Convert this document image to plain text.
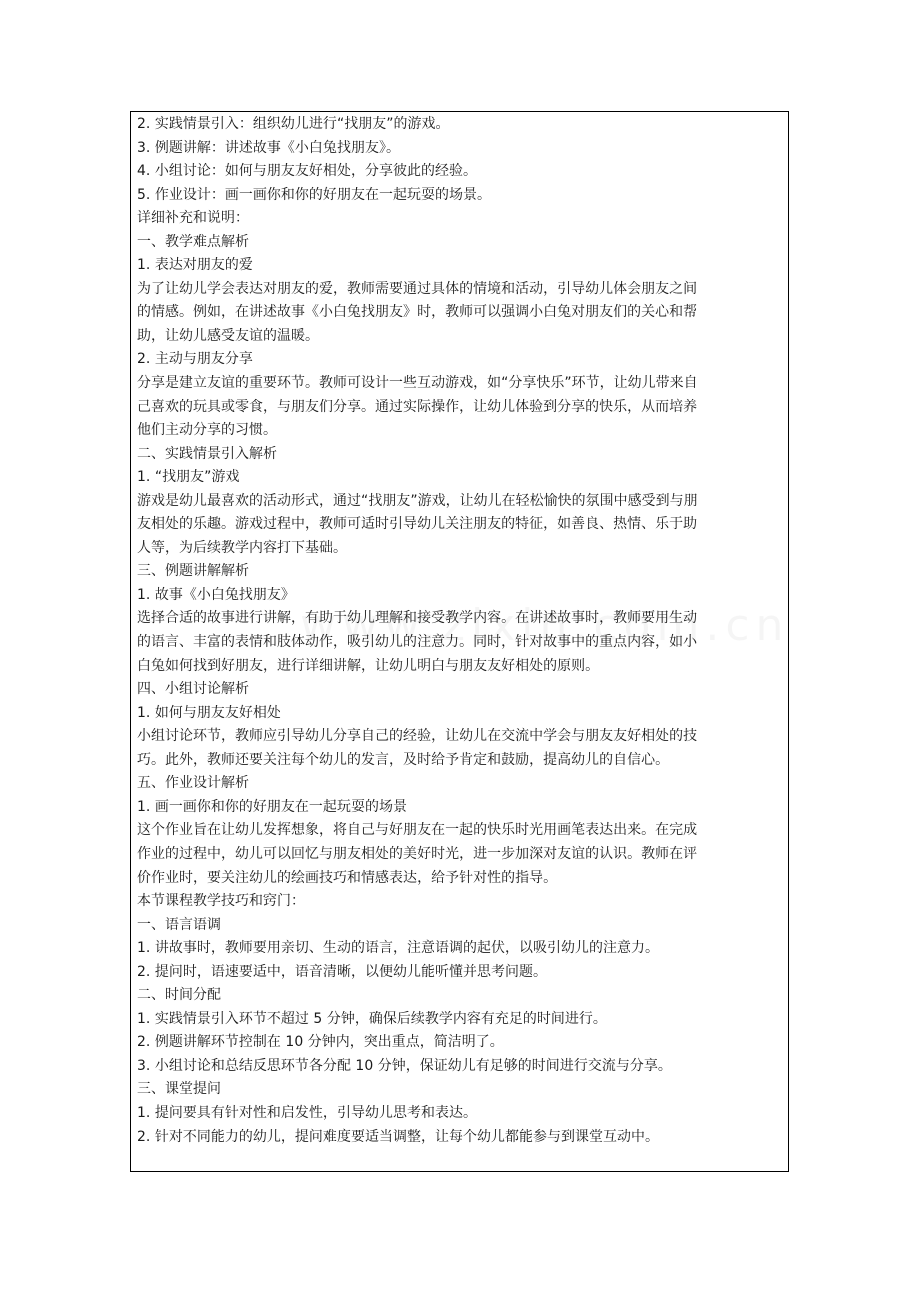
2. 实践情景引入：组织幼儿进行“找朋友”的游戏。
3. 例题讲解：讲述故事《小白兔找朋友》。
4. 小组讨论：如何与朋友友好相处，分享彼此的经验。
5. 作业设计：画一画你和你的好朋友在一起玩耍的场景。
详细补充和说明：
一、教学难点解析
1. 表达对朋友的爱
为了让幼儿学会表达对朋友的爱，教师需要通过具体的情境和活动，引导幼儿体会朋友之间
的情感。例如，在讲述故事《小白兔找朋友》时，教师可以强调小白兔对朋友们的关心和帮
助，让幼儿感受友谊的温暖。
2. 主动与朋友分享
分享是建立友谊的重要环节。教师可设计一些互动游戏，如“分享快乐”环节，让幼儿带来自
己喜欢的玩具或零食，与朋友们分享。通过实际操作，让幼儿体验到分享的快乐，从而培养
他们主动分享的习惯。
二、实践情景引入解析
1. “找朋友”游戏
游戏是幼儿最喜欢的活动形式，通过“找朋友”游戏，让幼儿在轻松愉快的氛围中感受到与朋
友相处的乐趣。游戏过程中，教师可适时引导幼儿关注朋友的特征，如善良、热情、乐于助
人等，为后续教学内容打下基础。
三、例题讲解解析
1. 故事《小白兔找朋友》
选择合适的故事进行讲解，有助于幼儿理解和接受教学内容。在讲述故事时，教师要用生动
的语言、丰富的表情和肢体动作，吸引幼儿的注意力。同时，针对故事中的重点内容，如小
白兔如何找到好朋友，进行详细讲解，让幼儿明白与朋友友好相处的原则。
四、小组讨论解析
1. 如何与朋友友好相处
小组讨论环节，教师应引导幼儿分享自己的经验，让幼儿在交流中学会与朋友友好相处的技
巧。此外，教师还要关注每个幼儿的发言，及时给予肯定和鼓励，提高幼儿的自信心。
五、作业设计解析
1. 画一画你和你的好朋友在一起玩耍的场景
这个作业旨在让幼儿发挥想象，将自己与好朋友在一起的快乐时光用画笔表达出来。在完成
作业的过程中，幼儿可以回忆与朋友相处的美好时光，进一步加深对友谊的认识。教师在评
价作业时，要关注幼儿的绘画技巧和情感表达，给予针对性的指导。
本节课程教学技巧和窍门：
一、语言语调
1. 讲故事时，教师要用亲切、生动的语言，注意语调的起伏，以吸引幼儿的注意力。
2. 提问时，语速要适中，语音清晰，以便幼儿能听懂并思考问题。
二、时间分配
1. 实践情景引入环节不超过 5 分钟，确保后续教学内容有充足的时间进行。
2. 例题讲解环节控制在 10 分钟内，突出重点，简洁明了。
3. 小组讨论和总结反思环节各分配 10 分钟，保证幼儿有足够的时间进行交流与分享。
三、课堂提问
1. 提问要具有针对性和启发性，引导幼儿思考和表达。
2. 针对不同能力的幼儿，提问难度要适当调整，让每个幼儿都能参与到课堂互动中。
